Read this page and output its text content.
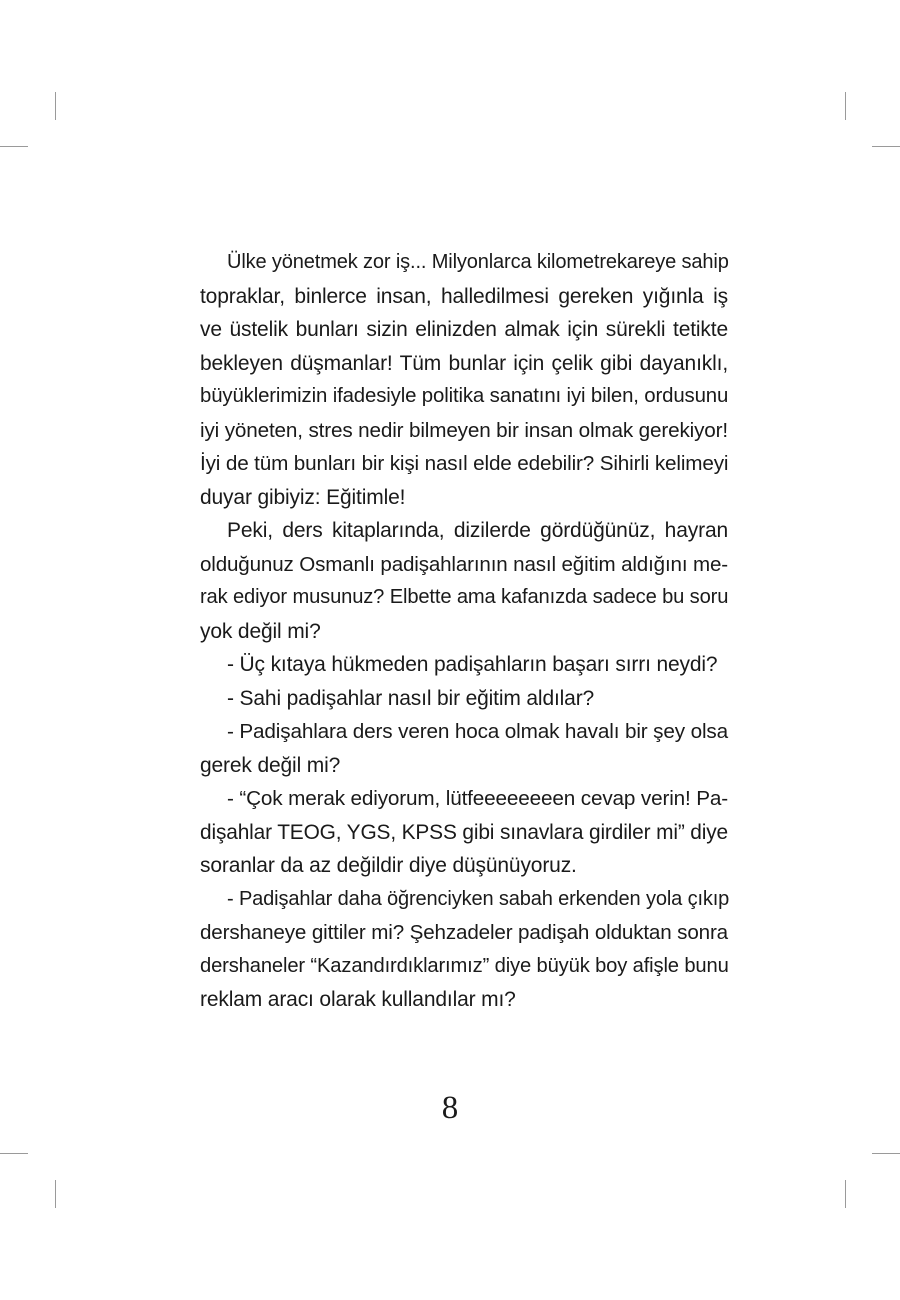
Ülke yönetmek zor iş... Milyonlarca kilometrekareye sahip
topraklar, binlerce insan, halledilmesi gereken yığınla iş
ve üstelik bunları sizin elinizden almak için sürekli tetikte
bekleyen düşmanlar! Tüm bunlar için çelik gibi dayanıklı,
büyüklerimizin ifadesiyle politika sanatını iyi bilen, ordusunu
iyi yöneten, stres nedir bilmeyen bir insan olmak gerekiyor!
İyi de tüm bunları bir kişi nasıl elde edebilir? Sihirli kelimeyi
duyar gibiyiz: Eğitimle!
Peki, ders kitaplarında, dizilerde gördüğünüz, hayran
olduğunuz Osmanlı padişahlarının nasıl eğitim aldığını me-
rak ediyor musunuz? Elbette ama kafanızda sadece bu soru
yok değil mi?
- Üç kıtaya hükmeden padişahların başarı sırrı neydi?
- Sahi padişahlar nasıl bir eğitim aldılar?
- Padişahlara ders veren hoca olmak havalı bir şey olsa
gerek değil mi?
- “Çok merak ediyorum, lütfeeeeeeeen cevap verin! Pa-
dişahlar TEOG, YGS, KPSS gibi sınavlara girdiler mi” diye
soranlar da az değildir diye düşünüyoruz.
- Padişahlar daha öğrenciyken sabah erkenden yola çıkıp
dershaneye gittiler mi? Şehzadeler padişah olduktan sonra
dershaneler “Kazandırdıklarımız” diye büyük boy afişle bunu
reklam aracı olarak kullandılar mı?
8
